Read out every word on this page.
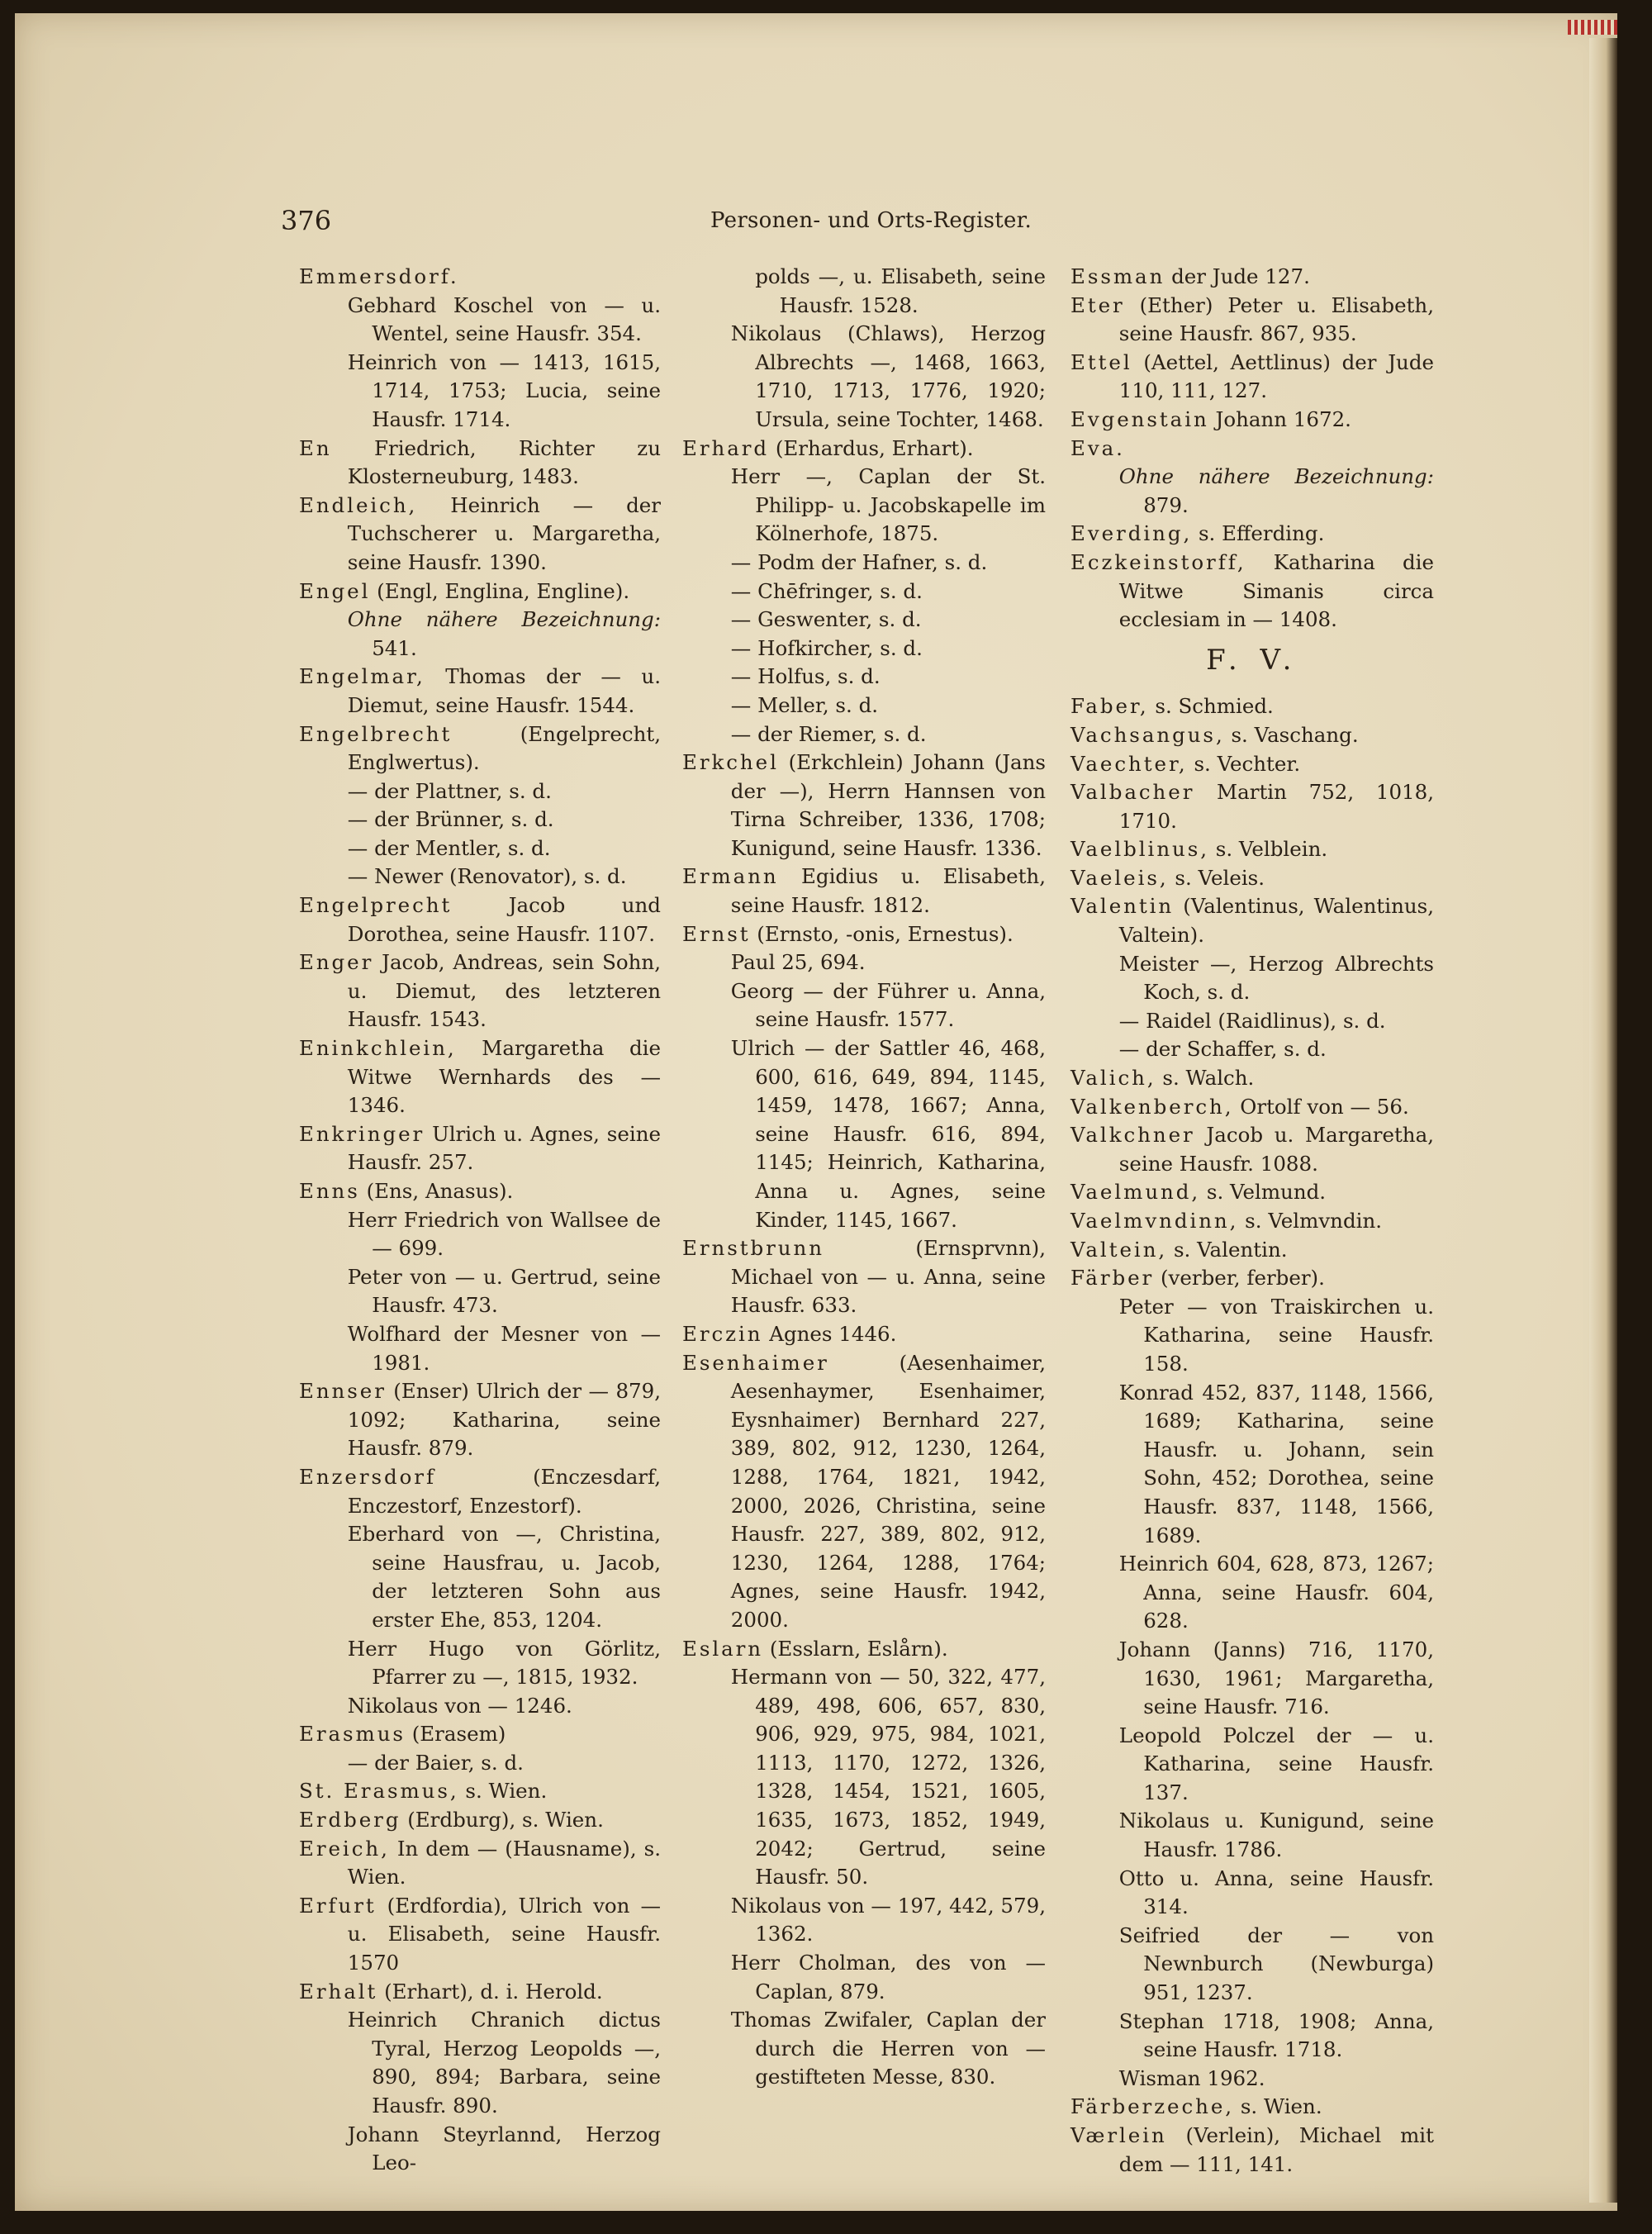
376	Personen- und Orts-Register.

Emmersdorf.

Gebhard Koschel von — u. Wentel, seine Hausfr. 354.

Heinrich von — 1413, 1615, 1714, 1753; Lucia, seine Hausfr. 1714.

En Friedrich, Richter zu Klosterneuburg, 1483.

Endleich, Heinrich — der Tuchscherer u. Margaretha, seine Hausfr. 1390.

Engel (Engl, Englina, Engline).

Ohne nähere Bezeichnung: 541.

Engelmar, Thomas der — u. Diemut, seine Hausfr. 1544.

Engelbrecht (Engelprecht, Englwertus).

— der Plattner, s. d.

— der Brünner, s. d.

— der Mentler, s. d.

— Newer (Renovator), s. d.

Engelprecht Jacob und Dorothea, seine Hausfr. 1107.

Enger Jacob, Andreas, sein Sohn, u. Diemut, des letzteren Hausfr. 1543.

Eninkchlein, Margaretha die Witwe Wernhards des — 1346.

Enkringer Ulrich u. Agnes, seine Hausfr. 257.

Enns (Ens, Anasus).

Herr Friedrich von Wallsee de — 699.

Peter von — u. Gertrud, seine Hausfr. 473.

Wolfhard der Mesner von — 1981.

Ennser (Enser) Ulrich der — 879, 1092; Katharina, seine Hausfr. 879.

Enzersdorf (Enczesdarf, Enczestorf, Enzestorf).

Eberhard von —, Christina, seine Hausfrau, u. Jacob, der letzteren Sohn aus erster Ehe, 853, 1204.

Herr Hugo von Görlitz, Pfarrer zu —, 1815, 1932.

Nikolaus von — 1246.

Erasmus (Erasem)

— der Baier, s. d.

St. Erasmus, s. Wien.

Erdberg (Erdburg), s. Wien.

Ereich, In dem — (Hausname), s. Wien.

Erfurt (Erdfordia), Ulrich von — u. Elisabeth, seine Hausfr. 1570

Erhalt (Erhart), d. i. Herold.

Heinrich Chranich dictus Tyral, Herzog Leopolds —, 890, 894; Barbara, seine Hausfr. 890.

Johann Steyrlannd, Herzog Leo-

polds —, u. Elisabeth, seine Hausfr. 1528.

Nikolaus (Chlaws), Herzog Albrechts —, 1468, 1663, 1710, 1713, 1776, 1920; Ursula, seine Tochter, 1468.

Erhard (Erhardus, Erhart).

Herr —, Caplan der St. Philipp- u. Jacobskapelle im Kölnerhofe, 1875.

— Podm der Hafner, s. d.

— Chēfringer, s. d.

— Geswenter, s. d.

— Hofkircher, s. d.

— Holfus, s. d.

— Meller, s. d.

— der Riemer, s. d.

Erkchel (Erkchlein) Johann (Jans der —), Herrn Hannsen von Tirna Schreiber, 1336, 1708; Kunigund, seine Hausfr. 1336.

Ermann Egidius u. Elisabeth, seine Hausfr. 1812.

Ernst (Ernsto, -onis, Ernestus).

Paul 25, 694.

Georg — der Führer u. Anna, seine Hausfr. 1577.

Ulrich — der Sattler 46, 468, 600, 616, 649, 894, 1145, 1459, 1478, 1667; Anna, seine Hausfr. 616, 894, 1145; Heinrich, Katharina, Anna u. Agnes, seine Kinder, 1145, 1667.

Ernstbrunn (Ernsprvnn), Michael von — u. Anna, seine Hausfr. 633.

Erczin Agnes 1446.

Esenhaimer (Aesenhaimer, Aesenhaymer, Esenhaimer, Eysnhaimer) Bernhard 227, 389, 802, 912, 1230, 1264, 1288, 1764, 1821, 1942, 2000, 2026, Christina, seine Hausfr. 227, 389, 802, 912, 1230, 1264, 1288, 1764; Agnes, seine Hausfr. 1942, 2000.

Eslarn (Esslarn, Eslårn).

Hermann von — 50, 322, 477, 489, 498, 606, 657, 830, 906, 929, 975, 984, 1021, 1113, 1170, 1272, 1326, 1328, 1454, 1521, 1605, 1635, 1673, 1852, 1949, 2042; Gertrud, seine Hausfr. 50.

Nikolaus von — 197, 442, 579, 1362.

Herr Cholman, des von — Caplan, 879.

Thomas Zwifaler, Caplan der durch die Herren von — gestifteten Messe, 830.

Essman der Jude 127.

Eter (Ether) Peter u. Elisabeth, seine Hausfr. 867, 935.

Ettel (Aettel, Aettlinus) der Jude 110, 111, 127.

Evgenstain Johann 1672.

Eva.

Ohne nähere Bezeichnung: 879.

Everding, s. Efferding.

Eczkeinstorff, Katharina die Witwe Simanis circa ecclesiam in — 1408.

F. V.

Faber, s. Schmied.

Vachsangus, s. Vaschang.

Vaechter, s. Vechter.

Valbacher Martin 752, 1018, 1710.

Vaelblinus, s. Velblein.

Vaeleis, s. Veleis.

Valentin (Valentinus, Walentinus, Valtein).

Meister —, Herzog Albrechts Koch, s. d.

— Raidel (Raidlinus), s. d.

— der Schaffer, s. d.

Valich, s. Walch.

Valkenberch, Ortolf von — 56.

Valkchner Jacob u. Margaretha, seine Hausfr. 1088.

Vaelmund, s. Velmund.

Vaelmvndinn, s. Velmvndin.

Valtein, s. Valentin.

Färber (verber, ferber).

Peter — von Traiskirchen u. Katharina, seine Hausfr. 158.

Konrad 452, 837, 1148, 1566, 1689; Katharina, seine Hausfr. u. Johann, sein Sohn, 452; Dorothea, seine Hausfr. 837, 1148, 1566, 1689.

Heinrich 604, 628, 873, 1267; Anna, seine Hausfr. 604, 628.

Johann (Janns) 716, 1170, 1630, 1961; Margaretha, seine Hausfr. 716.

Leopold Polczel der — u. Katharina, seine Hausfr. 137.

Nikolaus u. Kunigund, seine Hausfr. 1786.

Otto u. Anna, seine Hausfr. 314.

Seifried der — von Newnburch (Newburga) 951, 1237.

Stephan 1718, 1908; Anna, seine Hausfr. 1718.

Wisman 1962.

Färberzeche, s. Wien.

Værlein (Verlein), Michael mit dem — 111, 141.
